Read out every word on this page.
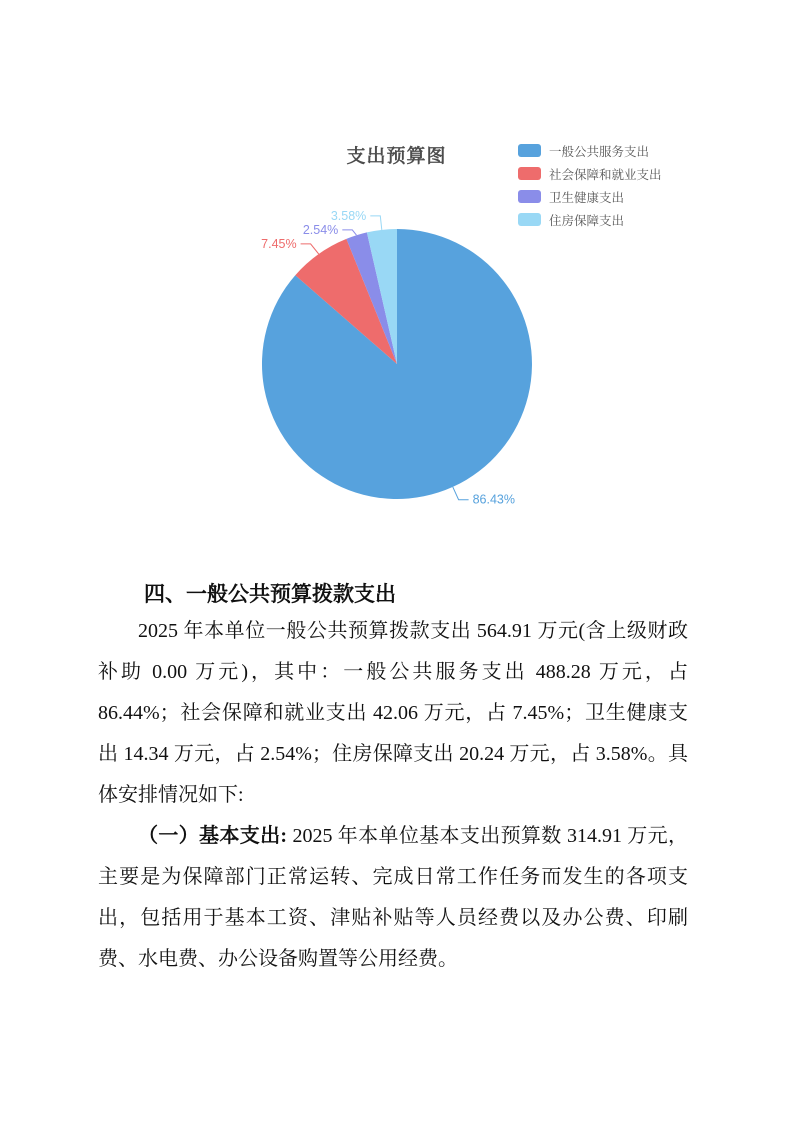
支出预算图
86.43%
7.45%
2.54%
3.58%
一般公共服务支出
社会保障和就业支出
卫生健康支出
住房保障支出
四、一般公共预算拨款支出

2025 年本单位一般公共预算拨款支出 564.91 万元(含上级财政补助 0.00 万元)，其中：一般公共服务支出 488.28 万元，占 86.44%；社会保障和就业支出 42.06 万元，占 7.45%；卫生健康支出 14.34 万元，占 2.54%；住房保障支出 20.24 万元，占 3.58%。具体安排情况如下:

（一）基本支出: 2025 年本单位基本支出预算数 314.91 万元，主要是为保障部门正常运转、完成日常工作任务而发生的各项支出，包括用于基本工资、津贴补贴等人员经费以及办公费、印刷费、水电费、办公设备购置等公用经费。
